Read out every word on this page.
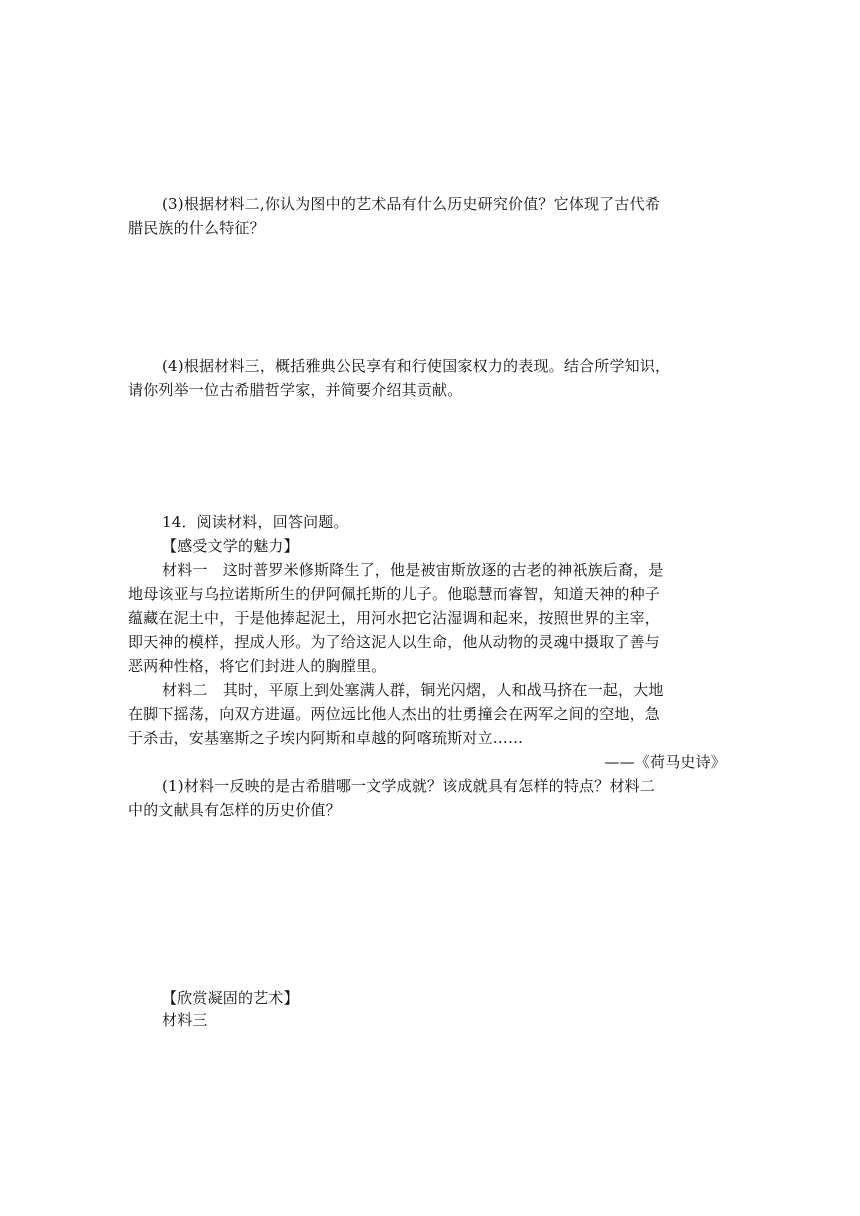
(3)根据材料二,你认为图中的艺术品有什么历史研究价值？它体现了古代希
腊民族的什么特征？
(4)根据材料三，概括雅典公民享有和行使国家权力的表现。结合所学知识，
请你列举一位古希腊哲学家，并简要介绍其贡献。
14．阅读材料，回答问题。
【感受文学的魅力】
材料一　这时普罗米修斯降生了，他是被宙斯放逐的古老的神祇族后裔，是
地母该亚与乌拉诺斯所生的伊阿佩托斯的儿子。他聪慧而睿智，知道天神的种子
蕴藏在泥土中，于是他捧起泥土，用河水把它沾湿调和起来，按照世界的主宰，
即天神的模样，捏成人形。为了给这泥人以生命，他从动物的灵魂中摄取了善与
恶两种性格，将它们封进人的胸膛里。
材料二　其时，平原上到处塞满人群，铜光闪熠，人和战马挤在一起，大地
在脚下摇荡，向双方进逼。两位远比他人杰出的壮勇撞会在两军之间的空地，急
于杀击，安基塞斯之子埃内阿斯和卓越的阿喀琉斯对立……
——《荷马史诗》
(1)材料一反映的是古希腊哪一文学成就？该成就具有怎样的特点？材料二
中的文献具有怎样的历史价值？
【欣赏凝固的艺术】
材料三
